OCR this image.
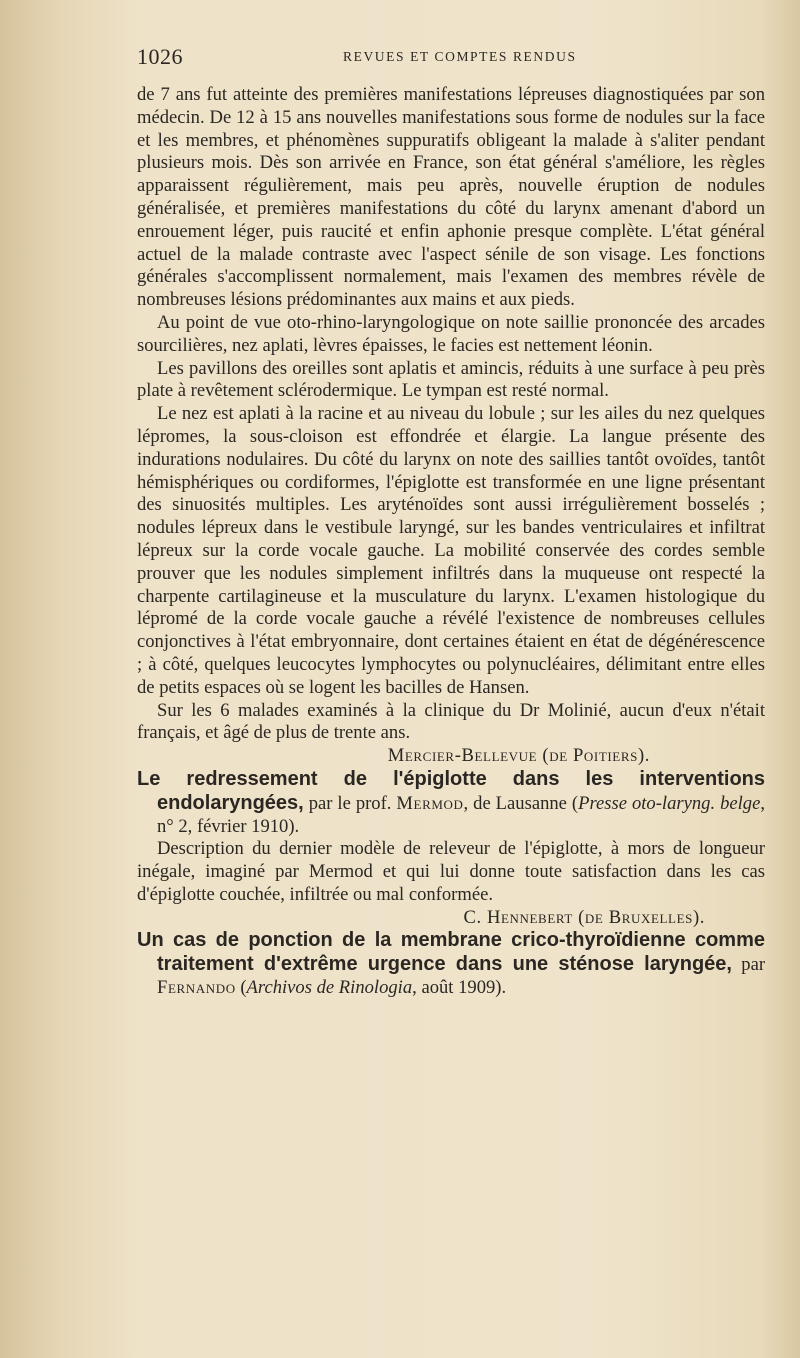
1026	REVUES ET COMPTES RENDUS

de 7 ans fut atteinte des premières manifestations lépreuses diagnostiquées par son médecin. De 12 à 15 ans nouvelles manifestations sous forme de nodules sur la face et les membres, et phénomènes suppuratifs obligeant la malade à s'aliter pendant plusieurs mois. Dès son arrivée en France, son état général s'améliore, les règles apparaissent régulièrement, mais peu après, nouvelle éruption de nodules généralisée, et premières manifestations du côté du larynx amenant d'abord un enrouement léger, puis raucité et enfin aphonie presque complète. L'état général actuel de la malade contraste avec l'aspect sénile de son visage. Les fonctions générales s'accomplissent normalement, mais l'examen des membres révèle de nombreuses lésions prédominantes aux mains et aux pieds.

Au point de vue oto-rhino-laryngologique on note saillie prononcée des arcades sourcilières, nez aplati, lèvres épaisses, le facies est nettement léonin.

Les pavillons des oreilles sont aplatis et amincis, réduits à une surface à peu près plate à revêtement sclérodermique. Le tympan est resté normal.

Le nez est aplati à la racine et au niveau du lobule ; sur les ailes du nez quelques lépromes, la sous-cloison est effondrée et élargie. La langue présente des indurations nodulaires. Du côté du larynx on note des saillies tantôt ovoïdes, tantôt hémisphériques ou cordiformes, l'épiglotte est transformée en une ligne présentant des sinuosités multiples. Les aryténoïdes sont aussi irrégulièrement bosselés ; nodules lépreux dans le vestibule laryngé, sur les bandes ventriculaires et infiltrat lépreux sur la corde vocale gauche. La mobilité conservée des cordes semble prouver que les nodules simplement infiltrés dans la muqueuse ont respecté la charpente cartilagineuse et la musculature du larynx. L'examen histologique du lépromé de la corde vocale gauche a révélé l'existence de nombreuses cellules conjonctives à l'état embryonnaire, dont certaines étaient en état de dégénérescence ; à côté, quelques leucocytes lymphocytes ou polynucléaires, délimitant entre elles de petits espaces où se logent les bacilles de Hansen.

Sur les 6 malades examinés à la clinique du Dr Molinié, aucun d'eux n'était français, et âgé de plus de trente ans.

Mercier-Bellevue (de Poitiers).

Le redressement de l'épiglotte dans les interventions endolaryngées, par le prof. Mermod, de Lausanne (Presse oto-laryng. belge, n° 2, février 1910).

Description du dernier modèle de releveur de l'épiglotte, à mors de longueur inégale, imaginé par Mermod et qui lui donne toute satisfaction dans les cas d'épiglotte couchée, infiltrée ou mal conformée.

C. Hennebert (de Bruxelles).

Un cas de ponction de la membrane crico-thyroïdienne comme traitement d'extrême urgence dans une sténose laryngée, par Fernando (Archivos de Rinologia, août 1909).
